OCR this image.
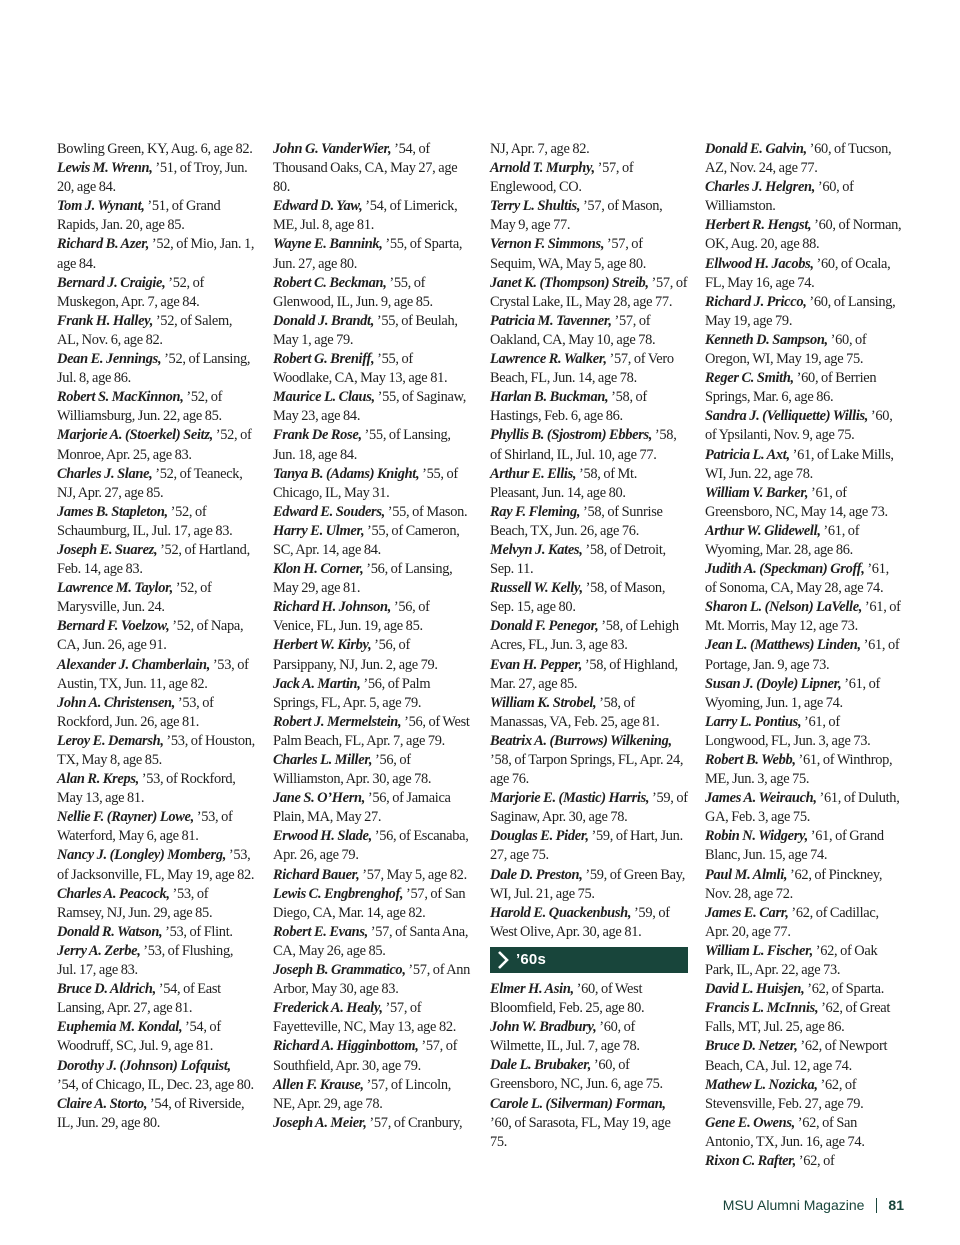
Bowling Green, KY, Aug. 6, age 82.

Lewis M. Wrenn, ’51, of Troy, Jun. 20, age 84.

Tom J. Wynant, ’51, of Grand Rapids, Jan. 20, age 85.

Richard B. Azer, ’52, of Mio, Jan. 1, age 84.

Bernard J. Craigie, ’52, of Muskegon, Apr. 7, age 84.

Frank H. Halley, ’52, of Salem, AL, Nov. 6, age 82.

Dean E. Jennings, ’52, of Lansing, Jul. 8, age 86.

Robert S. MacKinnon, ’52, of Williamsburg, Jun. 22, age 85.

Marjorie A. (Stoerkel) Seitz, ’52, of Monroe, Apr. 25, age 83.

Charles J. Slane, ’52, of Teaneck, NJ, Apr. 27, age 85.

James B. Stapleton, ’52, of Schaumburg, IL, Jul. 17, age 83.

Joseph E. Suarez, ’52, of Hartland, Feb. 14, age 83.

Lawrence M. Taylor, ’52, of Marysville, Jun. 24.

Bernard F. Voelzow, ’52, of Napa, CA, Jun. 26, age 91.

Alexander J. Chamberlain, ’53, of Austin, TX, Jun. 11, age 82.

John A. Christensen, ’53, of Rockford, Jun. 26, age 81.

Leroy E. Demarsh, ’53, of Houston, TX, May 8, age 85.

Alan R. Kreps, ’53, of Rockford, May 13, age 81.

Nellie F. (Rayner) Lowe, ’53, of Waterford, May 6, age 81.

Nancy J. (Longley) Momberg, ’53, of Jacksonville, FL, May 19, age 82.

Charles A. Peacock, ’53, of Ramsey, NJ, Jun. 29, age 85.

Donald R. Watson, ’53, of Flint.

Jerry A. Zerbe, ’53, of Flushing, Jul. 17, age 83.

Bruce D. Aldrich, ’54, of East Lansing, Apr. 27, age 81.

Euphemia M. Kondal, ’54, of Woodruff, SC, Jul. 9, age 81.

Dorothy J. (Johnson) Lofquist, ’54, of Chicago, IL, Dec. 23, age 80.

Claire A. Storto, ’54, of Riverside, IL, Jun. 29, age 80.

John G. VanderWier, ’54, of Thousand Oaks, CA, May 27, age 80.

Edward D. Yaw, ’54, of Limerick, ME, Jul. 8, age 81.

Wayne E. Bannink, ’55, of Sparta, Jun. 27, age 80.

Robert C. Beckman, ’55, of Glenwood, IL, Jun. 9, age 85.

Donald J. Brandt, ’55, of Beulah, May 1, age 79.

Robert G. Breniff, ’55, of Woodlake, CA, May 13, age 81.

Maurice L. Claus, ’55, of Saginaw, May 23, age 84.

Frank De Rose, ’55, of Lansing, Jun. 18, age 84.

Tanya B. (Adams) Knight, ’55, of Chicago, IL, May 31.

Edward E. Souders, ’55, of Mason.

Harry E. Ulmer, ’55, of Cameron, SC, Apr. 14, age 84.

Klon H. Corner, ’56, of Lansing, May 29, age 81.

Richard H. Johnson, ’56, of Venice, FL, Jun. 19, age 85.

Herbert W. Kirby, ’56, of Parsippany, NJ, Jun. 2, age 79.

Jack A. Martin, ’56, of Palm Springs, FL, Apr. 5, age 79.

Robert J. Mermelstein, ’56, of West Palm Beach, FL, Apr. 7, age 79.

Charles L. Miller, ’56, of Williamston, Apr. 30, age 78.

Jane S. O’Hern, ’56, of Jamaica Plain, MA, May 27.

Erwood H. Slade, ’56, of Escanaba, Apr. 26, age 79.

Richard Bauer, ’57, May 5, age 82.

Lewis C. Engbrenghof, ’57, of San Diego, CA, Mar. 14, age 82.

Robert E. Evans, ’57, of Santa Ana, CA, May 26, age 85.

Joseph B. Grammatico, ’57, of Ann Arbor, May 30, age 83.

Frederick A. Healy, ’57, of Fayetteville, NC, May 13, age 82.

Richard A. Higginbottom, ’57, of Southfield, Apr. 30, age 79.

Allen F. Krause, ’57, of Lincoln, NE, Apr. 29, age 78.

Joseph A. Meier, ’57, of Cranbury,

NJ, Apr. 7, age 82.

Arnold T. Murphy, ’57, of Englewood, CO.

Terry L. Shultis, ’57, of Mason, May 9, age 77.

Vernon F. Simmons, ’57, of Sequim, WA, May 5, age 80.

Janet K. (Thompson) Streib, ’57, of Crystal Lake, IL, May 28, age 77.

Patricia M. Tavenner, ’57, of Oakland, CA, May 10, age 78.

Lawrence R. Walker, ’57, of Vero Beach, FL, Jun. 14, age 78.

Harlan B. Buckman, ’58, of Hastings, Feb. 6, age 86.

Phyllis B. (Sjostrom) Ebbers, ’58, of Shirland, IL, Jul. 10, age 77.

Arthur E. Ellis, ’58, of Mt. Pleasant, Jun. 14, age 80.

Ray F. Fleming, ’58, of Sunrise Beach, TX, Jun. 26, age 76.

Melvyn J. Kates, ’58, of Detroit, Sep. 11.

Russell W. Kelly, ’58, of Mason, Sep. 15, age 80.

Donald F. Penegor, ’58, of Lehigh Acres, FL, Jun. 3, age 83.

Evan H. Pepper, ’58, of Highland, Mar. 27, age 85.

William K. Strobel, ’58, of Manassas, VA, Feb. 25, age 81.

Beatrix A. (Burrows) Wilkening, ’58, of Tarpon Springs, FL, Apr. 24, age 76.

Marjorie E. (Mastic) Harris, ’59, of Saginaw, Apr. 30, age 78.

Douglas E. Pider, ’59, of Hart, Jun. 27, age 75.

Dale D. Preston, ’59, of Green Bay, WI, Jul. 21, age 75.

Harold E. Quackenbush, ’59, of West Olive, Apr. 30, age 81.

’60s

Elmer H. Asin, ’60, of West Bloomfield, Feb. 25, age 80.

John W. Bradbury, ’60, of Wilmette, IL, Jul. 7, age 78.

Dale L. Brubaker, ’60, of Greensboro, NC, Jun. 6, age 75.

Carole L. (Silverman) Forman, ’60, of Sarasota, FL, May 19, age 75.

Donald E. Galvin, ’60, of Tucson, AZ, Nov. 24, age 77.

Charles J. Helgren, ’60, of Williamston.

Herbert R. Hengst, ’60, of Norman, OK, Aug. 20, age 88.

Ellwood H. Jacobs, ’60, of Ocala, FL, May 16, age 74.

Richard J. Pricco, ’60, of Lansing, May 19, age 79.

Kenneth D. Sampson, ’60, of Oregon, WI, May 19, age 75.

Reger C. Smith, ’60, of Berrien Springs, Mar. 6, age 86.

Sandra J. (Velliquette) Willis, ’60, of Ypsilanti, Nov. 9, age 75.

Patricia L. Axt, ’61, of Lake Mills, WI, Jun. 22, age 78.

William V. Barker, ’61, of Greensboro, NC, May 14, age 73.

Arthur W. Glidewell, ’61, of Wyoming, Mar. 28, age 86.

Judith A. (Speckman) Groff, ’61, of Sonoma, CA, May 28, age 74.

Sharon L. (Nelson) LaVelle, ’61, of Mt. Morris, May 12, age 73.

Jean L. (Matthews) Linden, ’61, of Portage, Jan. 9, age 73.

Susan J. (Doyle) Lipner, ’61, of Wyoming, Jun. 1, age 74.

Larry L. Pontius, ’61, of Longwood, FL, Jun. 3, age 73.

Robert B. Webb, ’61, of Winthrop, ME, Jun. 3, age 75.

James A. Weirauch, ’61, of Duluth, GA, Feb. 3, age 75.

Robin N. Widgery, ’61, of Grand Blanc, Jun. 15, age 74.

Paul M. Almli, ’62, of Pinckney, Nov. 28, age 72.

James E. Carr, ’62, of Cadillac, Apr. 20, age 77.

William L. Fischer, ’62, of Oak Park, IL, Apr. 22, age 73.

David L. Huisjen, ’62, of Sparta.

Francis L. McInnis, ’62, of Great Falls, MT, Jul. 25, age 86.

Bruce D. Netzer, ’62, of Newport Beach, CA, Jul. 12, age 74.

Mathew L. Nozicka, ’62, of Stevensville, Feb. 27, age 79.

Gene E. Owens, ’62, of San Antonio, TX, Jun. 16, age 74.

Rixon C. Rafter, ’62, of

MSU Alumni Magazine 81
